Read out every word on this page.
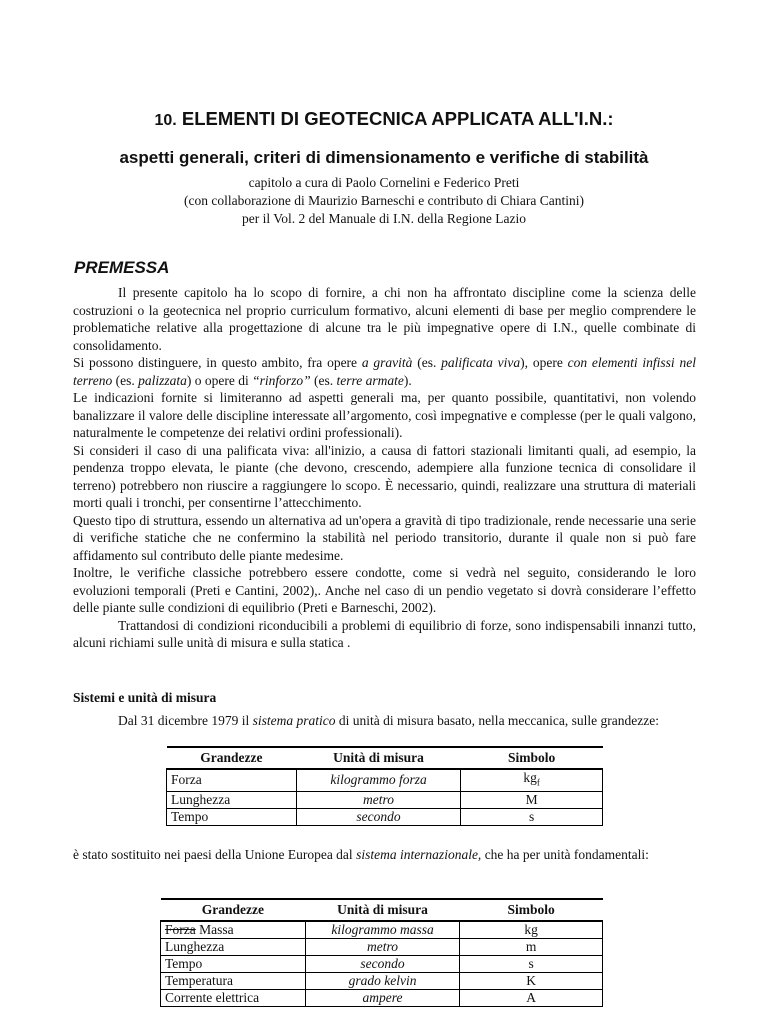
10. ELEMENTI DI GEOTECNICA APPLICATA ALL'I.N.:
aspetti generali, criteri di dimensionamento e verifiche di stabilità
capitolo a cura di Paolo Cornelini e Federico Preti
(con collaborazione di Maurizio Barneschi e contributo di Chiara Cantini)
per il Vol. 2 del Manuale di I.N. della Regione Lazio
PREMESSA

Il presente capitolo ha lo scopo di fornire, a chi non ha affrontato discipline come la scienza delle costruzioni o la geotecnica nel proprio curriculum formativo, alcuni elementi di base per meglio comprendere le problematiche relative alla progettazione di alcune tra le più impegnative opere di I.N., quelle combinate di consolidamento.

Si possono distinguere, in questo ambito, fra opere a gravità (es. palificata viva), opere con elementi infissi nel terreno (es. palizzata) o opere di “rinforzo” (es. terre armate).

Le indicazioni fornite si limiteranno ad aspetti generali ma, per quanto possibile, quantitativi, non volendo banalizzare il valore delle discipline interessate all’argomento, così impegnative e complesse (per le quali valgono, naturalmente le competenze dei relativi ordini professionali).

Si consideri il caso di una palificata viva: all'inizio, a causa di fattori stazionali limitanti quali, ad esempio, la pendenza troppo elevata, le piante (che devono, crescendo, adempiere alla funzione tecnica di consolidare il terreno) potrebbero non riuscire a raggiungere lo scopo. È necessario, quindi, realizzare una struttura di materiali morti quali i tronchi, per consentirne l’attecchimento.

Questo tipo di struttura, essendo un alternativa ad un'opera a gravità di tipo tradizionale, rende necessarie una serie di verifiche statiche che ne confermino la stabilità nel periodo transitorio, durante il quale non si può fare affidamento sul contributo delle piante medesime.

Inoltre, le verifiche classiche potrebbero essere condotte, come si vedrà nel seguito, considerando le loro evoluzioni temporali (Preti e Cantini, 2002),. Anche nel caso di un pendio vegetato si dovrà considerare l’effetto delle piante sulle condizioni di equilibrio (Preti e Barneschi, 2002).

Trattandosi di condizioni riconducibili a problemi di equilibrio di forze, sono indispensabili innanzi tutto, alcuni richiami sulle unità di misura e sulla statica .

Sistemi e unità di misura
Dal 31 dicembre 1979 il sistema pratico di unità di misura basato, nella meccanica, sulle grandezze:
Grandezze	Unità di misura	Simbolo
Forza	kilogrammo forza	$kg_f$
Lunghezza	metro	M
Tempo	secondo	s
è stato sostituito nei paesi della Unione Europea dal sistema internazionale, che ha per unità fondamentali:
Grandezze	Unità di misura	Simbolo
Forza Massa	kilogrammo massa	kg
Lunghezza	metro	m
Tempo	secondo	s
Temperatura	grado kelvin	K
Corrente elettrica	ampere	A
